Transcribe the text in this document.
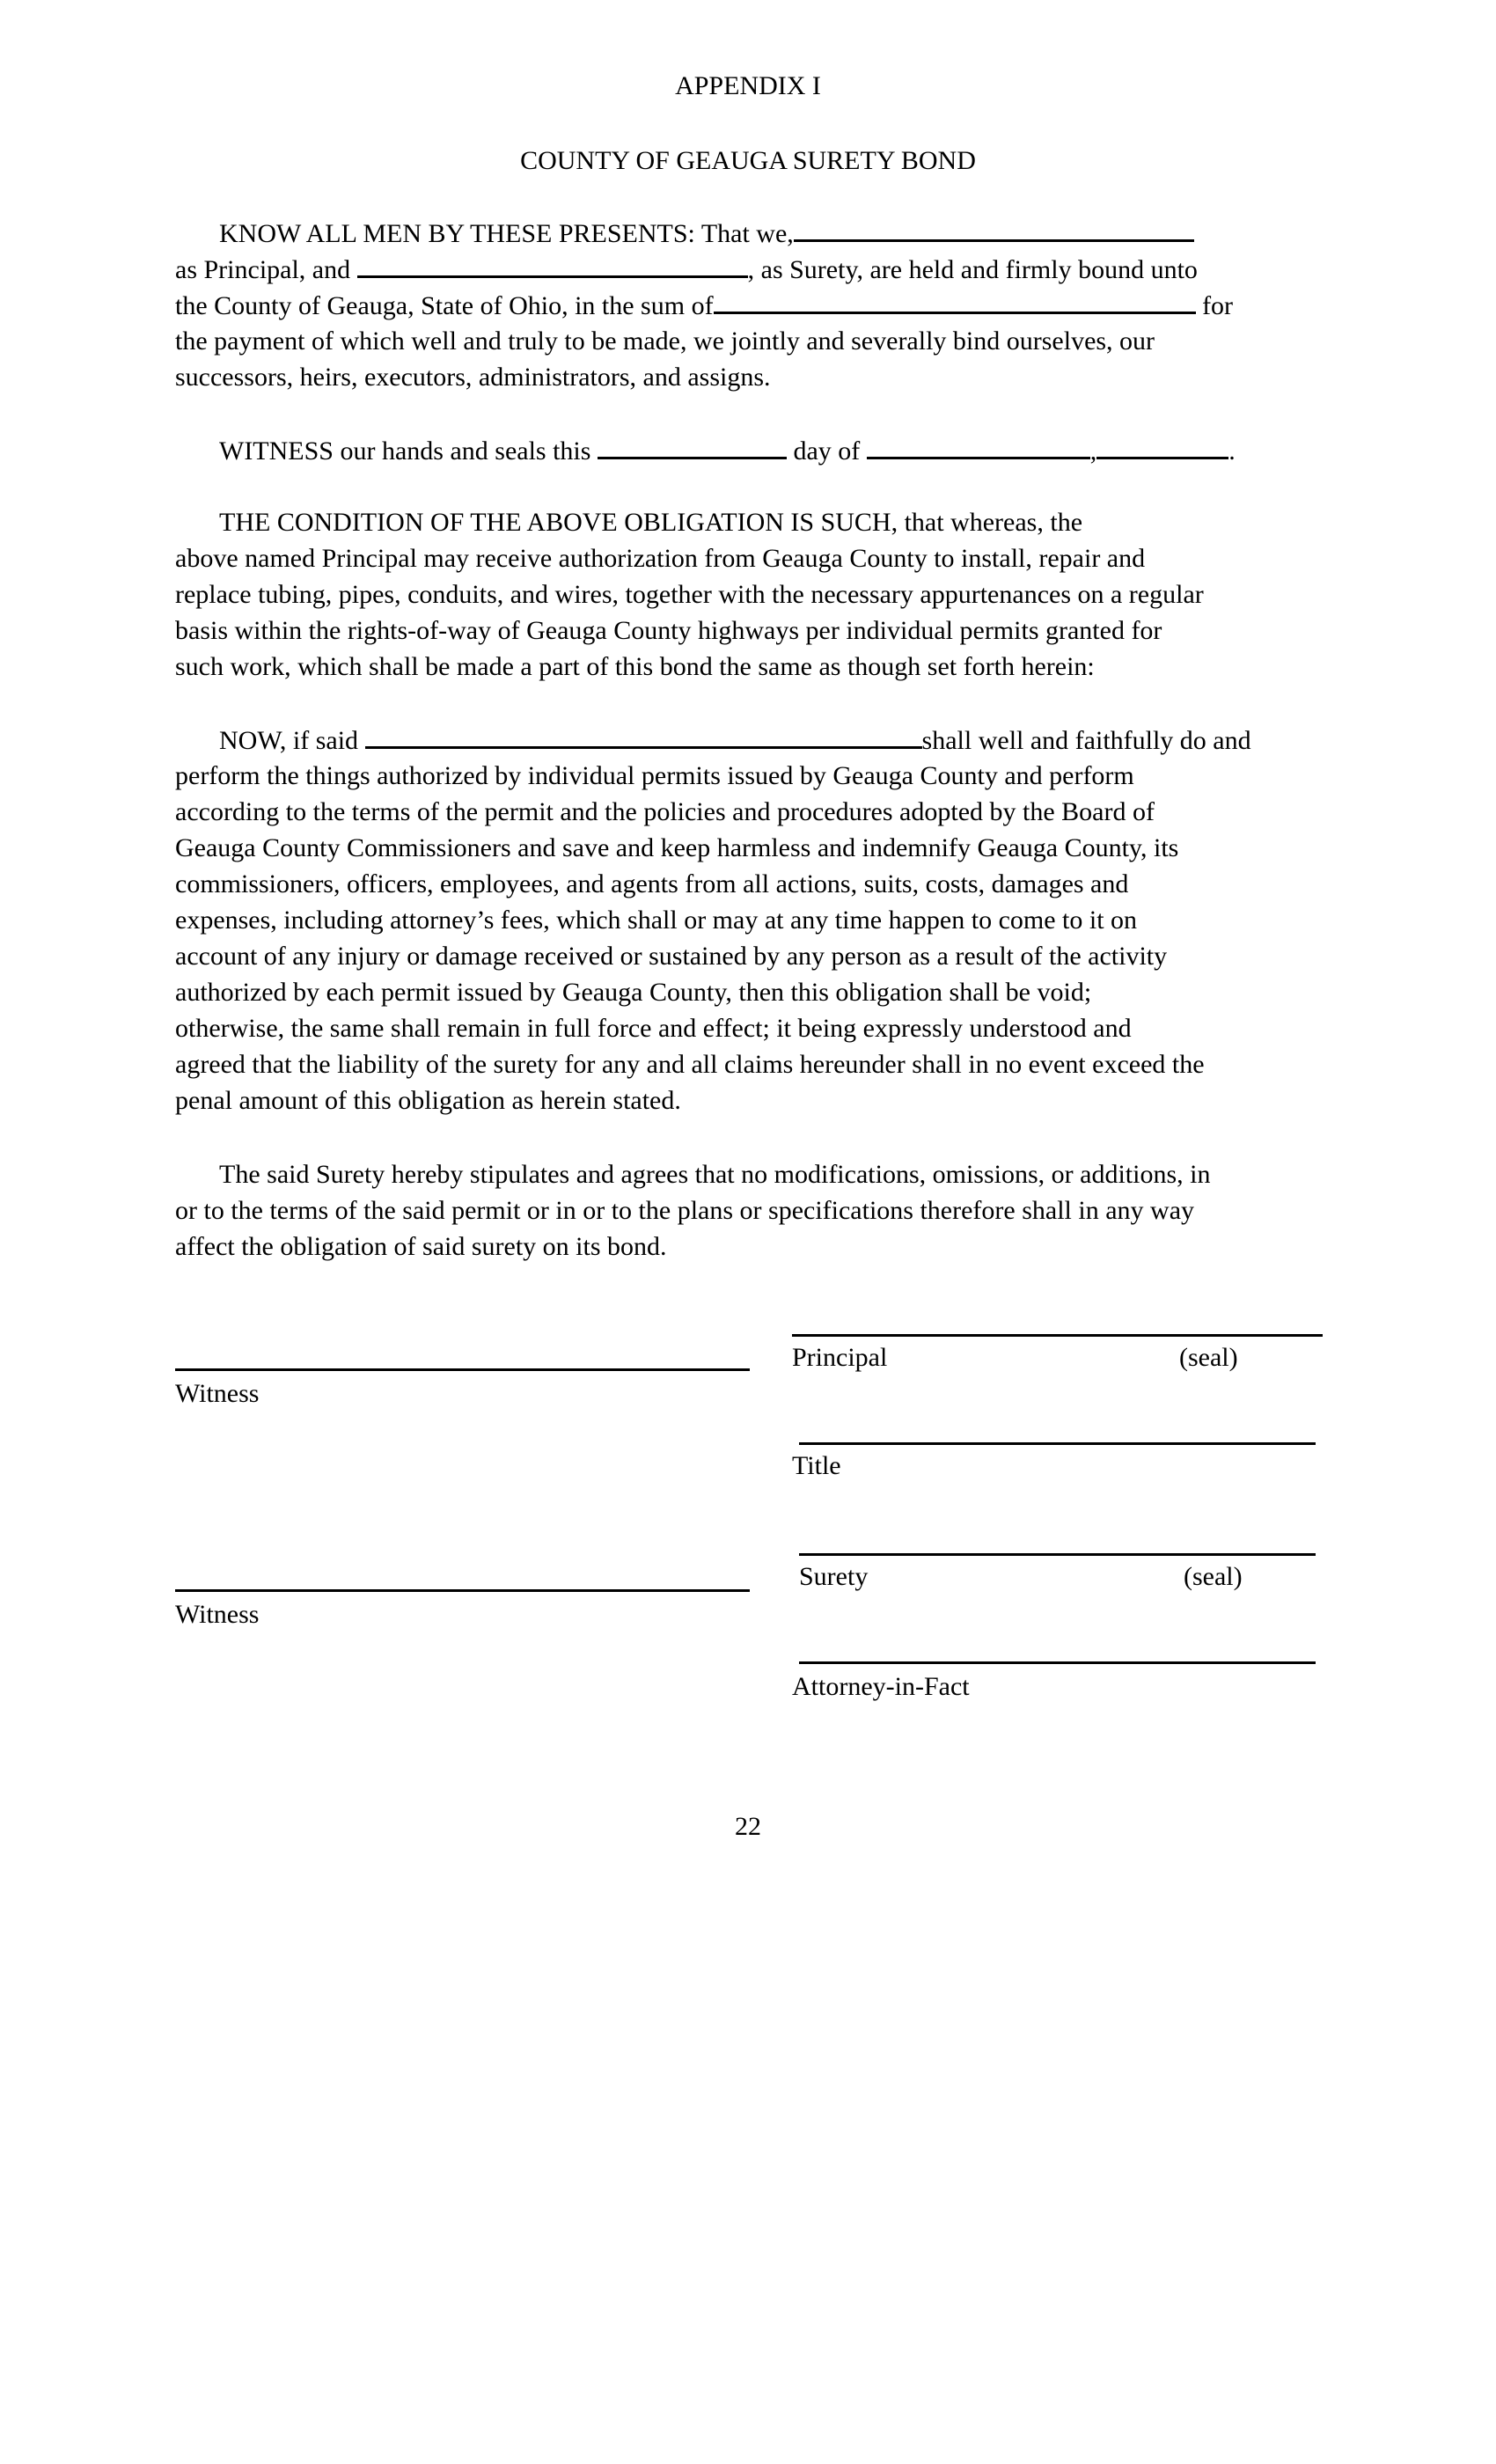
APPENDIX I
COUNTY OF GEAUGA SURETY BOND
KNOW ALL MEN BY THESE PRESENTS: That we,
as Principal, and	, as Surety, are held and firmly bound unto
the County of Geauga, State of Ohio, in the sum of	for
the payment of which well and truly to be made, we jointly and severally bind ourselves, our
successors, heirs, executors, administrators, and assigns.
WITNESS our hands and seals this	day of	,	.
THE CONDITION OF THE ABOVE OBLIGATION IS SUCH, that whereas, the
above named Principal may receive authorization from Geauga County to install, repair and
replace tubing, pipes, conduits, and wires, together with the necessary appurtenances on a regular
basis within the rights-of-way of Geauga County highways per individual permits granted for
such work, which shall be made a part of this bond the same as though set forth herein:
NOW, if said	shall well and faithfully do and
perform the things authorized by individual permits issued by Geauga County and perform
according to the terms of the permit and the policies and procedures adopted by the Board of
Geauga County Commissioners and save and keep harmless and indemnify Geauga County, its
commissioners, officers, employees, and agents from all actions, suits, costs, damages and
expenses, including attorney’s fees, which shall or may at any time happen to come to it on
account of any injury or damage received or sustained by any person as a result of the activity
authorized by each permit issued by Geauga County, then this obligation shall be void;
otherwise, the same shall remain in full force and effect; it being expressly understood and
agreed that the liability of the surety for any and all claims hereunder shall in no event exceed the
penal amount of this obligation as herein stated.
The said Surety hereby stipulates and agrees that no modifications, omissions, or additions, in
or to the terms of the said permit or in or to the plans or specifications therefore shall in any way
affect the obligation of said surety on its bond.
Witness
Principal	(seal)
Title
Surety	(seal)
Witness
Attorney-in-Fact
22
